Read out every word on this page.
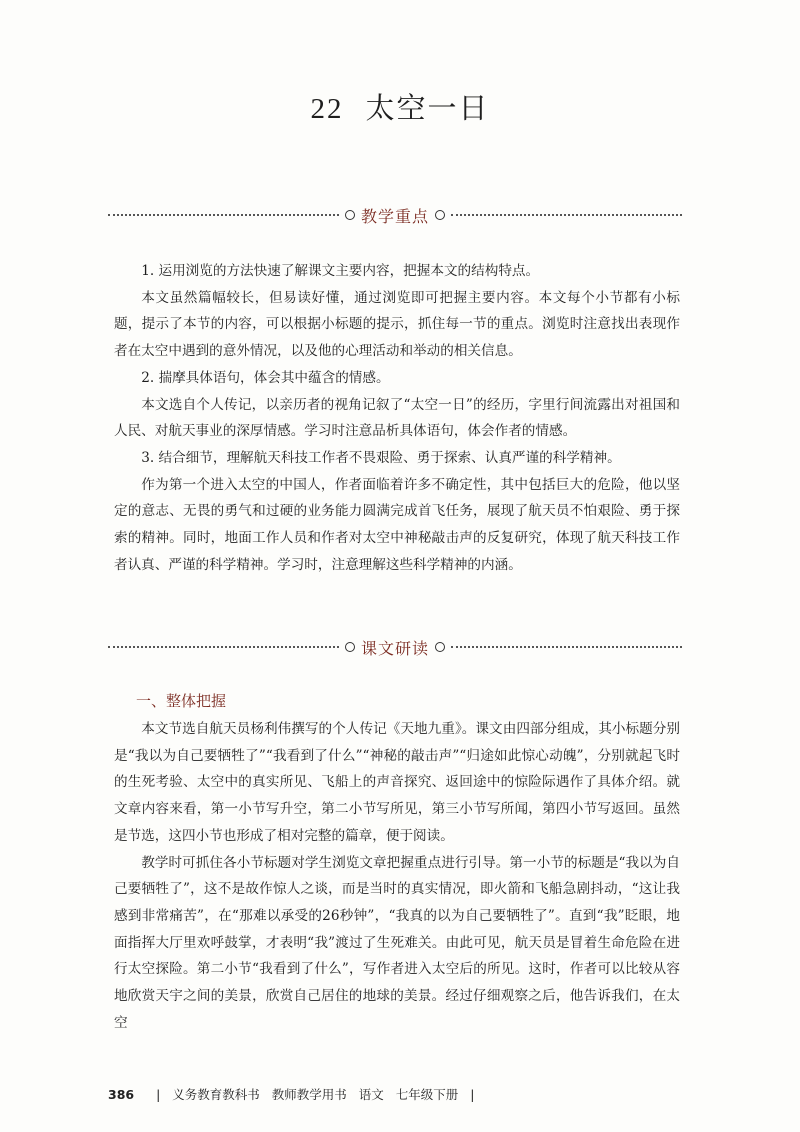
22 太空一日
教学重点

1. 运用浏览的方法快速了解课文主要内容，把握本文的结构特点。

本文虽然篇幅较长，但易读好懂，通过浏览即可把握主要内容。本文每个小节都有小标题，提示了本节的内容，可以根据小标题的提示，抓住每一节的重点。浏览时注意找出表现作者在太空中遇到的意外情况，以及他的心理活动和举动的相关信息。

2. 揣摩具体语句，体会其中蕴含的情感。

本文选自个人传记，以亲历者的视角记叙了“太空一日”的经历，字里行间流露出对祖国和人民、对航天事业的深厚情感。学习时注意品析具体语句，体会作者的情感。

3. 结合细节，理解航天科技工作者不畏艰险、勇于探索、认真严谨的科学精神。

作为第一个进入太空的中国人，作者面临着许多不确定性，其中包括巨大的危险，他以坚定的意志、无畏的勇气和过硬的业务能力圆满完成首飞任务，展现了航天员不怕艰险、勇于探索的精神。同时，地面工作人员和作者对太空中神秘敲击声的反复研究，体现了航天科技工作者认真、严谨的科学精神。学习时，注意理解这些科学精神的内涵。

课文研读
一、整体把握

本文节选自航天员杨利伟撰写的个人传记《天地九重》。课文由四部分组成，其小标题分别是“我以为自己要牺牲了”“我看到了什么”“神秘的敲击声”“归途如此惊心动魄”，分别就起飞时的生死考验、太空中的真实所见、飞船上的声音探究、返回途中的惊险际遇作了具体介绍。就文章内容来看，第一小节写升空，第二小节写所见，第三小节写所闻，第四小节写返回。虽然是节选，这四小节也形成了相对完整的篇章，便于阅读。

教学时可抓住各小节标题对学生浏览文章把握重点进行引导。第一小节的标题是“我以为自己要牺牲了”，这不是故作惊人之谈，而是当时的真实情况，即火箭和飞船急剧抖动，“这让我感到非常痛苦”，在“那难以承受的26秒钟”，“我真的以为自己要牺牲了”。直到“我”眨眼，地面指挥大厅里欢呼鼓掌，才表明“我”渡过了生死难关。由此可见，航天员是冒着生命危险在进行太空探险。第二小节“我看到了什么”，写作者进入太空后的所见。这时，作者可以比较从容地欣赏天宇之间的美景，欣赏自己居住的地球的美景。经过仔细观察之后，他告诉我们，在太空

386 | 义务教育教科书 教师教学用书 语文 七年级下册 |
